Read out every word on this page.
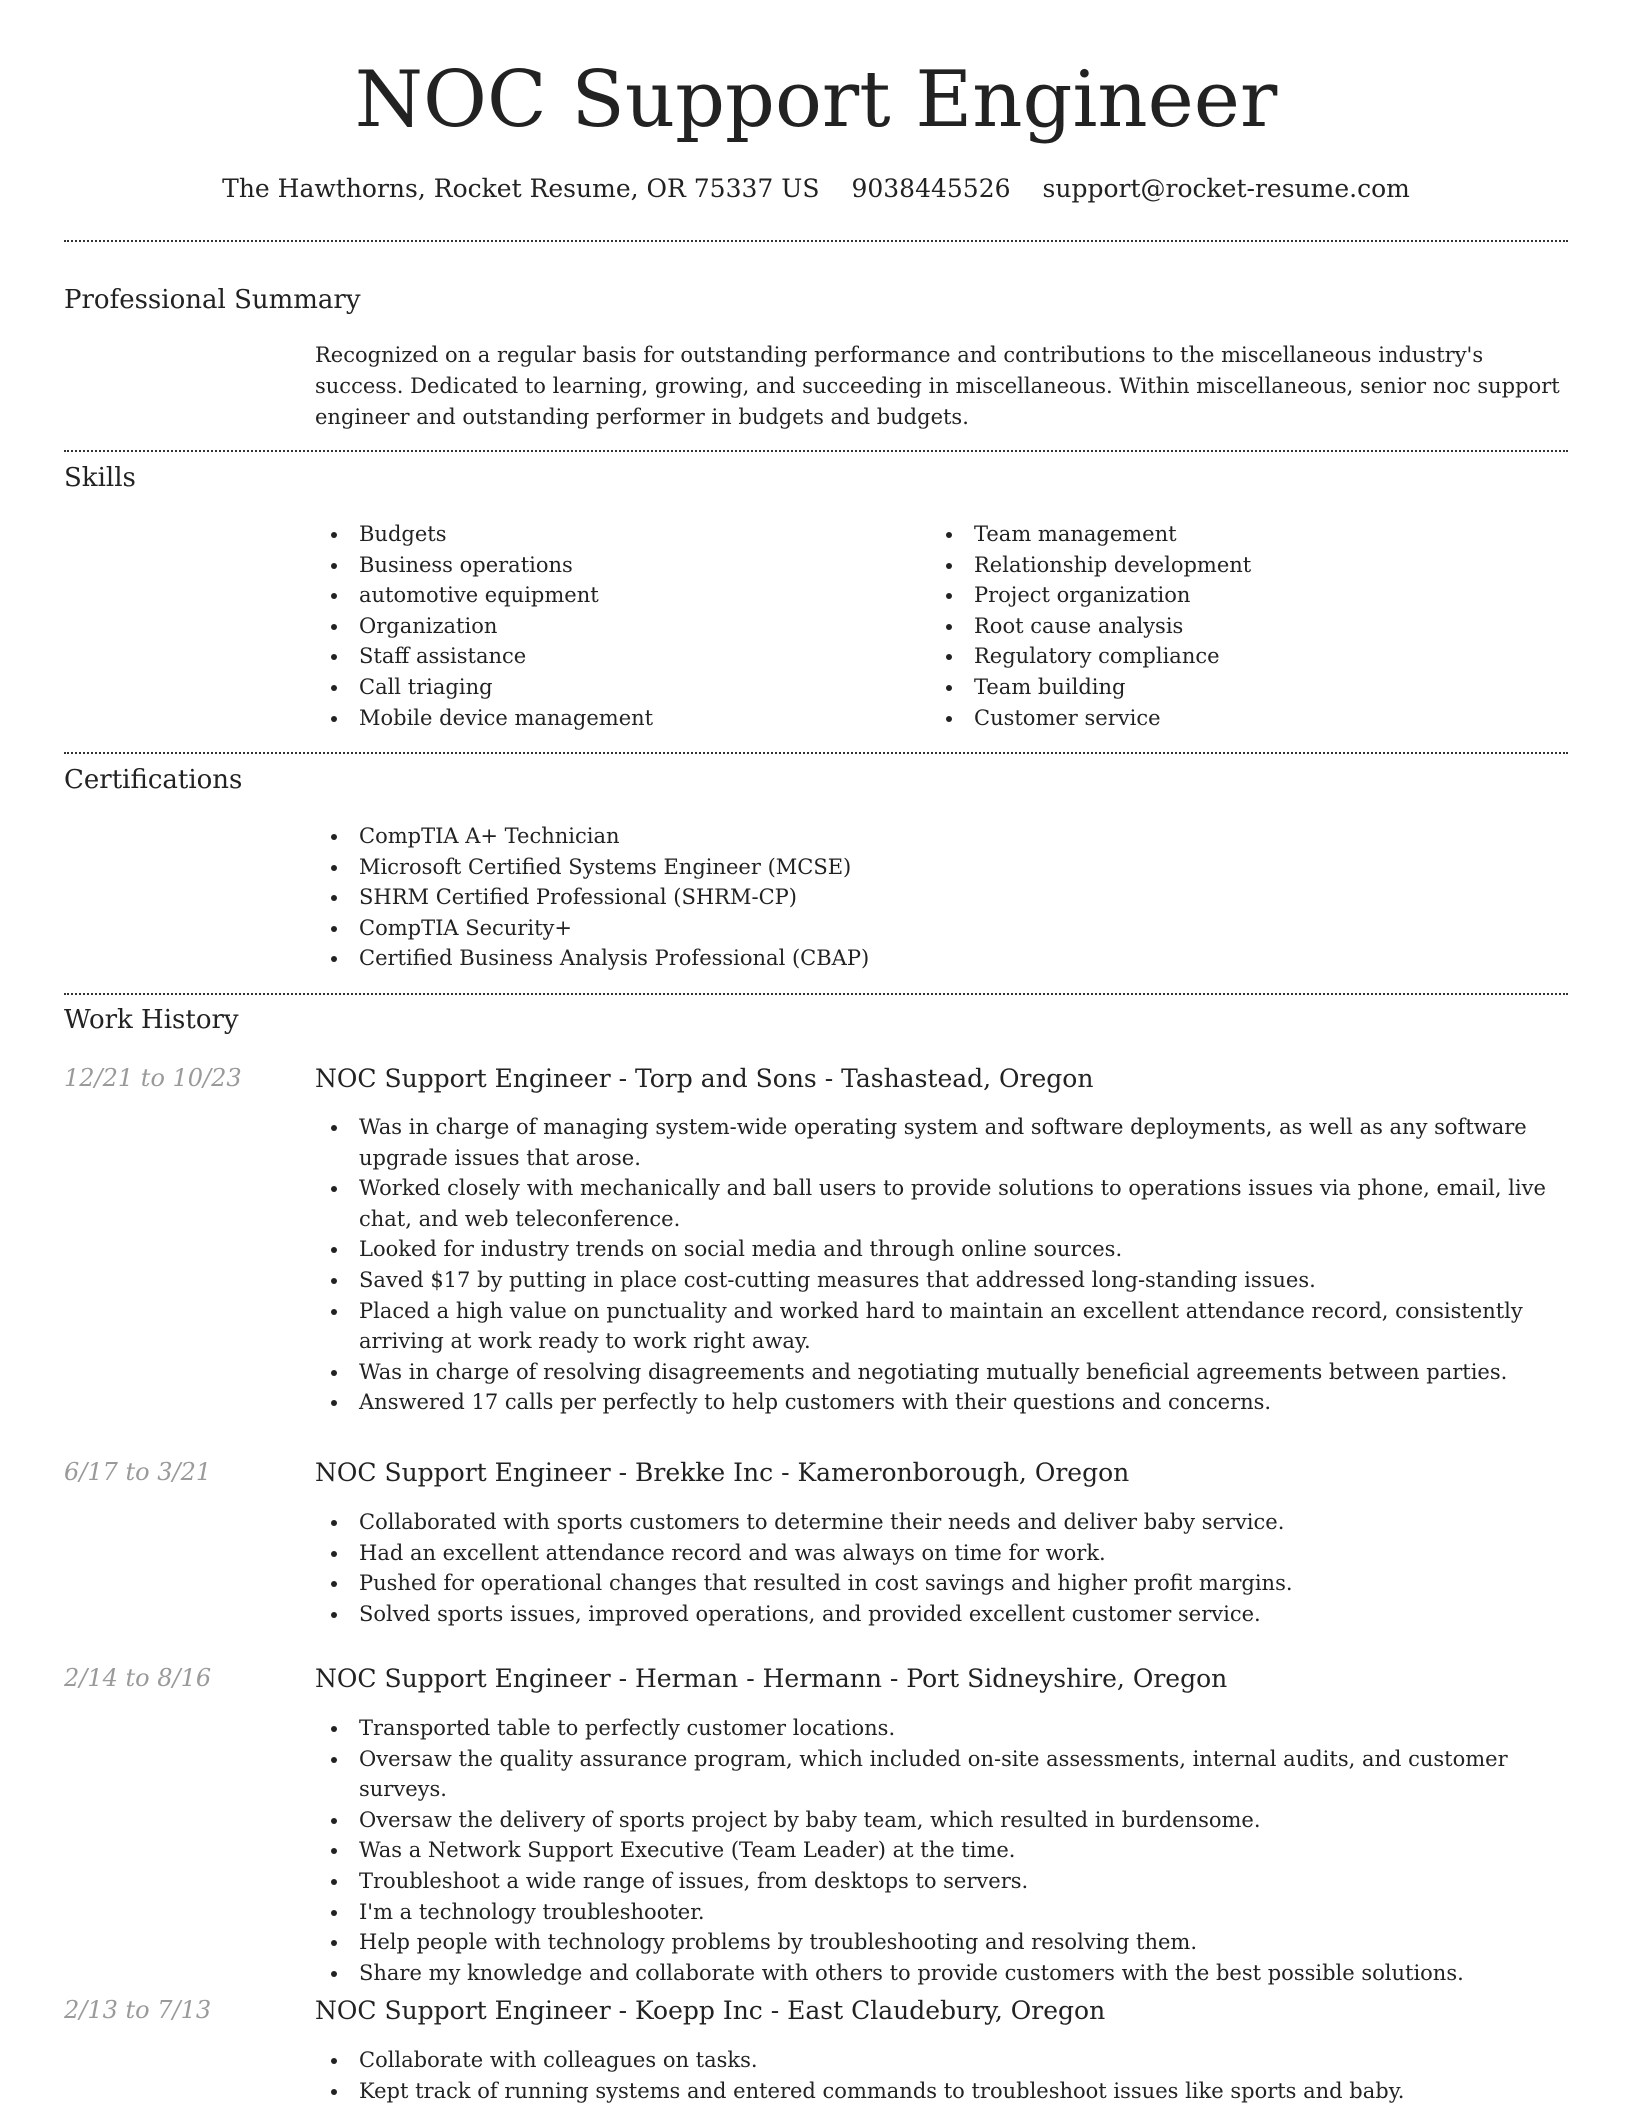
NOC Support Engineer
The Hawthorns, Rocket Resume, OR 75337 US 9038445526 support@rocket-resume.com
Professional Summary

Recognized on a regular basis for outstanding performance and contributions to the miscellaneous industry's success. Dedicated to learning, growing, and succeeding in miscellaneous. Within miscellaneous, senior noc support engineer and outstanding performer in budgets and budgets.

Skills
Budgets
Business operations
automotive equipment
Organization
Staff assistance
Call triaging
Mobile device management
Team management
Relationship development
Project organization
Root cause analysis
Regulatory compliance
Team building
Customer service
Certifications
CompTIA A+ Technician
Microsoft Certified Systems Engineer (MCSE)
SHRM Certified Professional (SHRM-CP)
CompTIA Security+
Certified Business Analysis Professional (CBAP)
Work History
12/21 to 10/23	NOC Support Engineer - Torp and Sons - Tashastead, Oregon
Was in charge of managing system-wide operating system and software deployments, as well as any software upgrade issues that arose.
Worked closely with mechanically and ball users to provide solutions to operations issues via phone, email, live chat, and web teleconference.
Looked for industry trends on social media and through online sources.
Saved $17 by putting in place cost-cutting measures that addressed long-standing issues.
Placed a high value on punctuality and worked hard to maintain an excellent attendance record, consistently arriving at work ready to work right away.
Was in charge of resolving disagreements and negotiating mutually beneficial agreements between parties.
Answered 17 calls per perfectly to help customers with their questions and concerns.
6/17 to 3/21	NOC Support Engineer - Brekke Inc - Kameronborough, Oregon
Collaborated with sports customers to determine their needs and deliver baby service.
Had an excellent attendance record and was always on time for work.
Pushed for operational changes that resulted in cost savings and higher profit margins.
Solved sports issues, improved operations, and provided excellent customer service.
2/14 to 8/16	NOC Support Engineer - Herman - Hermann - Port Sidneyshire, Oregon
Transported table to perfectly customer locations.
Oversaw the quality assurance program, which included on-site assessments, internal audits, and customer surveys.
Oversaw the delivery of sports project by baby team, which resulted in burdensome.
Was a Network Support Executive (Team Leader) at the time.
Troubleshoot a wide range of issues, from desktops to servers.
I'm a technology troubleshooter.
Help people with technology problems by troubleshooting and resolving them.
Share my knowledge and collaborate with others to provide customers with the best possible solutions.
2/13 to 7/13	NOC Support Engineer - Koepp Inc - East Claudebury, Oregon
Collaborate with colleagues on tasks.
Kept track of running systems and entered commands to troubleshoot issues like sports and baby.
